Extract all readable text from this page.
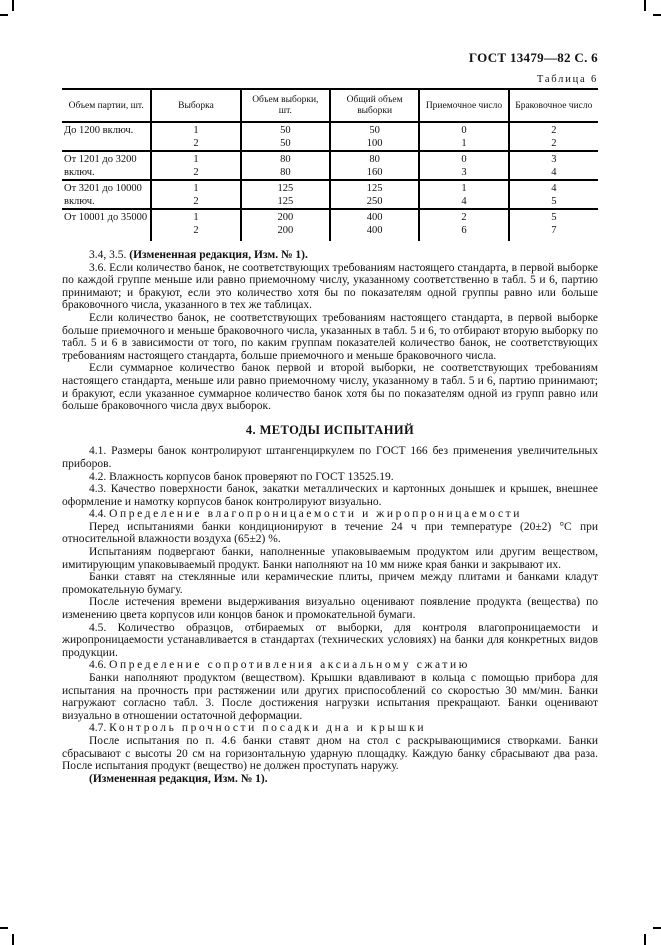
ГОСТ 13479—82 С. 6
Таблица 6
Объем партии, шт.	Выборка	Объем выборки, шт.	Общий объем выборки	Приемочное число	Браковочное число
До 1200 включ.	1	50	50	0	2
	2	50	100	1	2
От 1201 до 3200 включ.	1	80	80	0	3
	2	80	160	3	4
От 3201 до 10000 включ.	1	125	125	1	4
	2	125	250	4	5
От 10001 до 35000	1	200	400	2	5
	2	200	400	6	7

3.4, 3.5. (Измененная редакция, Изм. № 1).

3.6. Если количество банок, не соответствующих требованиям настоящего стандарта, в первой выборке по каждой группе меньше или равно приемочному числу, указанному соответственно в табл. 5 и 6, партию принимают; и бракуют, если это количество хотя бы по показателям одной группы равно или больше браковочного числа, указанного в тех же таблицах.

Если количество банок, не соответствующих требованиям настоящего стандарта, в первой выборке больше приемочного и меньше браковочного числа, указанных в табл. 5 и 6, то отбирают вторую выборку по табл. 5 и 6 в зависимости от того, по каким группам показателей количество банок, не соответствующих требованиям настоящего стандарта, больше приемочного и меньше браковочного числа.

Если суммарное количество банок первой и второй выборки, не соответствующих требованиям настоящего стандарта, меньше или равно приемочному числу, указанному в табл. 5 и 6, партию принимают; и бракуют, если указанное суммарное количество банок хотя бы по показателям одной из групп равно или больше браковочного числа двух выборок.

4. МЕТОДЫ ИСПЫТАНИЙ

4.1. Размеры банок контролируют штангенциркулем по ГОСТ 166 без применения увеличительных приборов.

4.2. Влажность корпусов банок проверяют по ГОСТ 13525.19.

4.3. Качество поверхности банок, закатки металлических и картонных донышек и крышек, внешнее оформление и намотку корпусов банок контролируют визуально.

4.4. Определение влагопроницаемости и жиропроницаемости

Перед испытаниями банки кондиционируют в течение 24 ч при температуре (20±2) °С при относительной влажности воздуха (65±2) %.

Испытаниям подвергают банки, наполненные упаковываемым продуктом или другим веществом, имитирующим упаковываемый продукт. Банки наполняют на 10 мм ниже края банки и закрывают их.

Банки ставят на стеклянные или керамические плиты, причем между плитами и банками кладут промокательную бумагу.

После истечения времени выдерживания визуально оценивают появление продукта (вещества) по изменению цвета корпусов или концов банок и промокательной бумаги.

4.5. Количество образцов, отбираемых от выборки, для контроля влагопроницаемости и жиропроницаемости устанавливается в стандартах (технических условиях) на банки для конкретных видов продукции.

4.6. Определение сопротивления аксиальному сжатию

Банки наполняют продуктом (веществом). Крышки вдавливают в кольца с помощью прибора для испытания на прочность при растяжении или других приспособлений со скоростью 30 мм/мин. Банки нагружают согласно табл. 3. После достижения нагрузки испытания прекращают. Банки оценивают визуально в отношении остаточной деформации.

4.7. Контроль прочности посадки дна и крышки

После испытания по п. 4.6 банки ставят дном на стол с раскрывающимися створками. Банки сбрасывают с высоты 20 см на горизонтальную ударную площадку. Каждую банку сбрасывают два раза. После испытания продукт (вещество) не должен проступать наружу.

(Измененная редакция, Изм. № 1).
